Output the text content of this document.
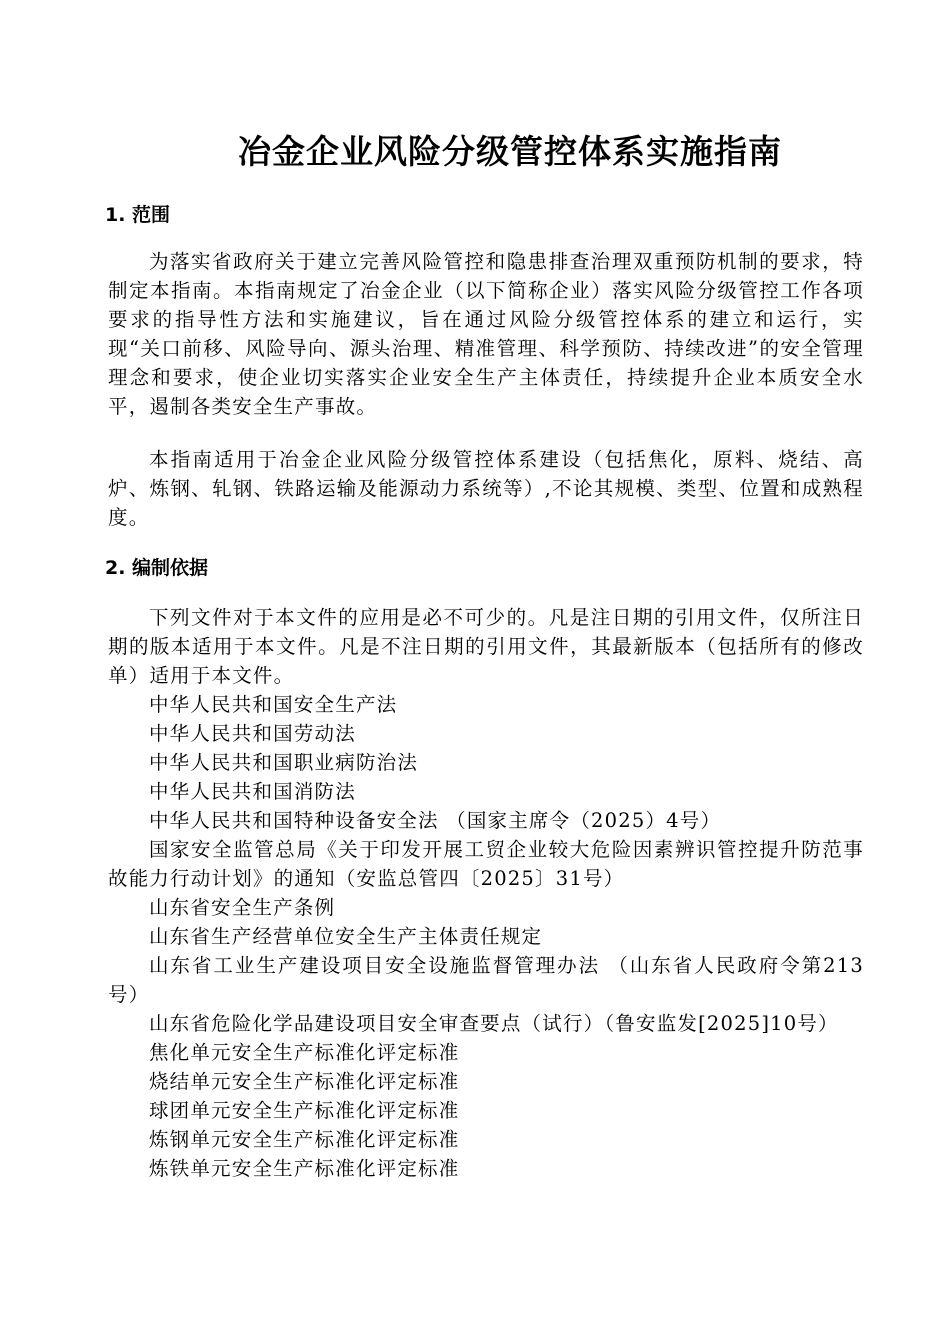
冶金企业风险分级管控体系实施指南
1. 范围
为落实省政府关于建立完善风险管控和隐患排查治理双重预防机制的要求，特制定本指南。本指南规定了冶金企业（以下简称企业）落实风险分级管控工作各项要求的指导性方法和实施建议，旨在通过风险分级管控体系的建立和运行，实现“关口前移、风险导向、源头治理、精准管理、科学预防、持续改进”的安全管理理念和要求，使企业切实落实企业安全生产主体责任，持续提升企业本质安全水平，遏制各类安全生产事故。
本指南适用于冶金企业风险分级管控体系建设（包括焦化，原料、烧结、高炉、炼钢、轧钢、铁路运输及能源动力系统等）,不论其规模、类型、位置和成熟程度。
2. 编制依据
下列文件对于本文件的应用是必不可少的。凡是注日期的引用文件，仅所注日期的版本适用于本文件。凡是不注日期的引用文件，其最新版本（包括所有的修改单）适用于本文件。
中华人民共和国安全生产法
中华人民共和国劳动法
中华人民共和国职业病防治法
中华人民共和国消防法
中华人民共和国特种设备安全法 （国家主席令（2025）4号）
国家安全监管总局《关于印发开展工贸企业较大危险因素辨识管控提升防范事故能力行动计划》的通知（安监总管四〔2025〕31号）
山东省安全生产条例
山东省生产经营单位安全生产主体责任规定
山东省工业生产建设项目安全设施监督管理办法 （山东省人民政府令第213号）
山东省危险化学品建设项目安全审查要点（试行）（鲁安监发[2025]10号）
焦化单元安全生产标准化评定标准
烧结单元安全生产标准化评定标准
球团单元安全生产标准化评定标准
炼钢单元安全生产标准化评定标准
炼铁单元安全生产标准化评定标准
